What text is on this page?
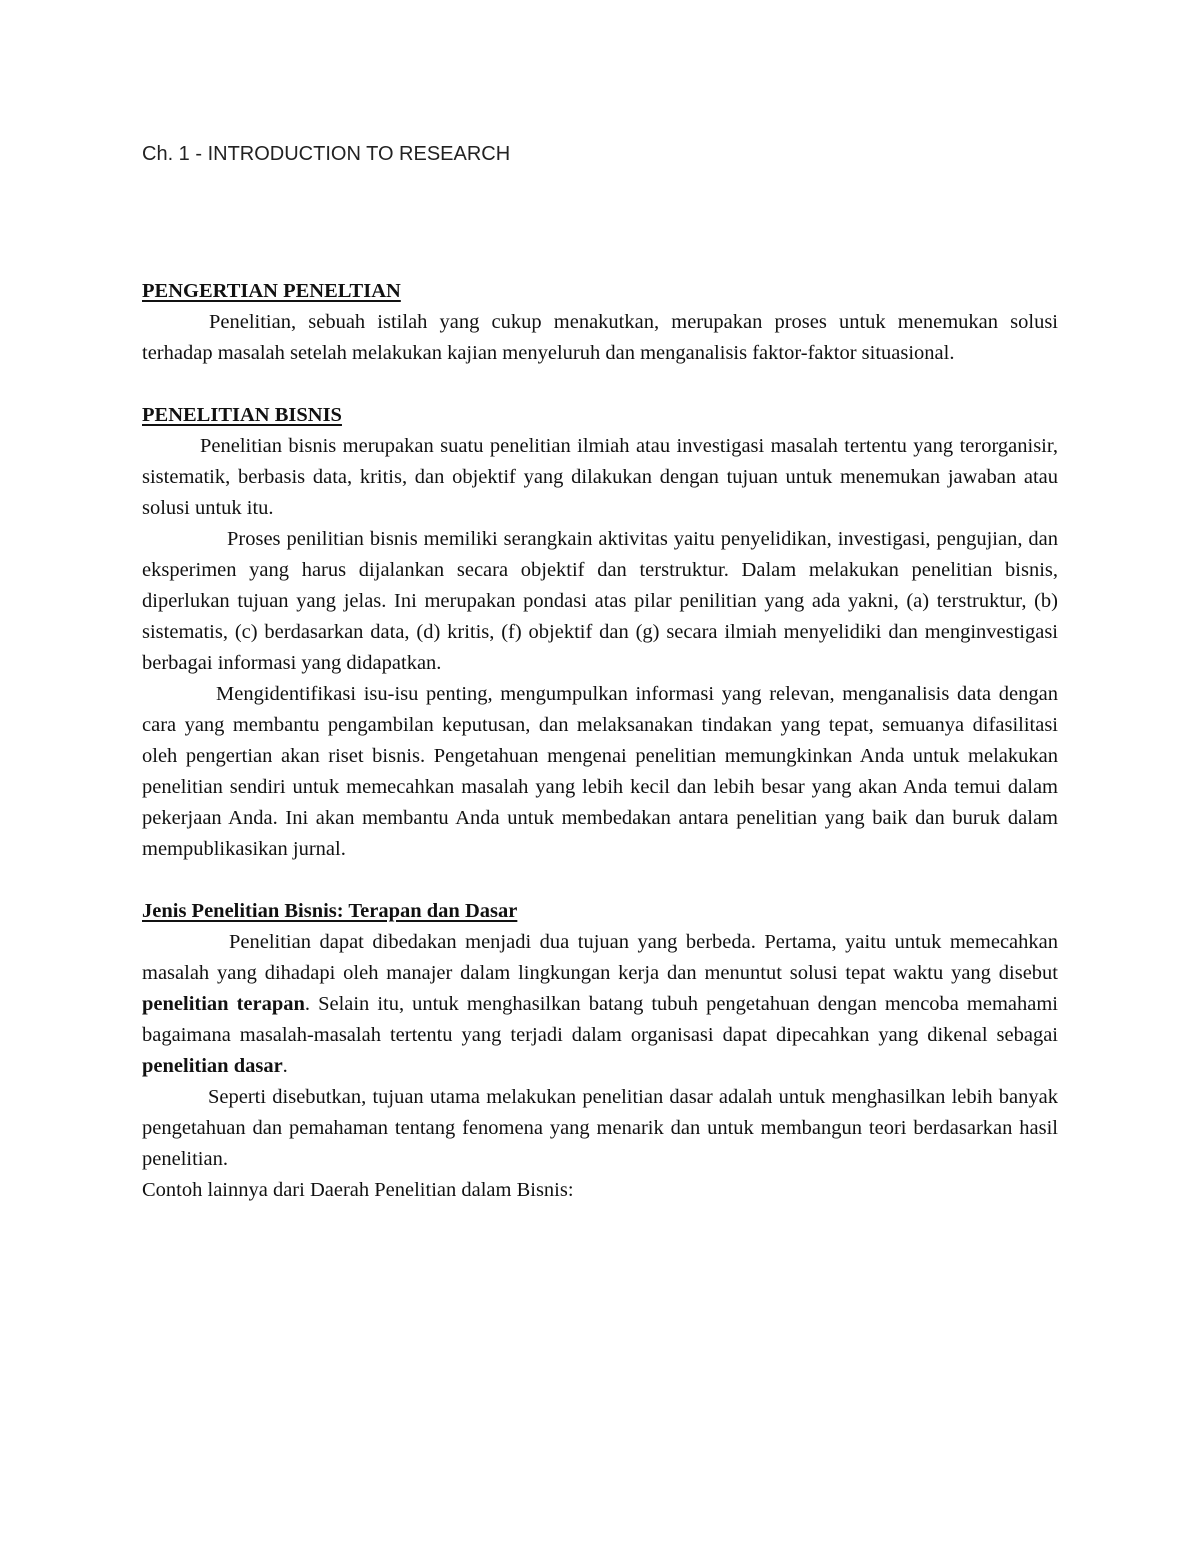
Ch. 1 - INTRODUCTION TO RESEARCH
PENGERTIAN PENELTIAN

Penelitian, sebuah istilah yang cukup menakutkan, merupakan proses untuk menemukan solusi terhadap masalah setelah melakukan kajian menyeluruh dan menganalisis faktor-faktor situasional.

PENELITIAN BISNIS

Penelitian bisnis merupakan suatu penelitian ilmiah atau investigasi masalah tertentu yang terorganisir, sistematik, berbasis data, kritis, dan objektif yang dilakukan dengan tujuan untuk menemukan jawaban atau solusi untuk itu.

Proses penilitian bisnis memiliki serangkain aktivitas yaitu penyelidikan, investigasi, pengujian, dan eksperimen yang harus dijalankan secara objektif dan terstruktur. Dalam melakukan penelitian bisnis, diperlukan tujuan yang jelas. Ini merupakan pondasi atas pilar penilitian yang ada yakni, (a) terstruktur, (b) sistematis, (c) berdasarkan data, (d) kritis, (f) objektif dan (g) secara ilmiah menyelidiki dan menginvestigasi berbagai informasi yang didapatkan.

Mengidentifikasi isu-isu penting, mengumpulkan informasi yang relevan, menganalisis data dengan cara yang membantu pengambilan keputusan, dan melaksanakan tindakan yang tepat, semuanya difasilitasi oleh pengertian akan riset bisnis. Pengetahuan mengenai penelitian memungkinkan Anda untuk melakukan penelitian sendiri untuk memecahkan masalah yang lebih kecil dan lebih besar yang akan Anda temui dalam pekerjaan Anda. Ini akan membantu Anda untuk membedakan antara penelitian yang baik dan buruk dalam mempublikasikan jurnal.

Jenis Penelitian Bisnis: Terapan dan Dasar

Penelitian dapat dibedakan menjadi dua tujuan yang berbeda. Pertama, yaitu untuk memecahkan masalah yang dihadapi oleh manajer dalam lingkungan kerja dan menuntut solusi tepat waktu yang disebut penelitian terapan. Selain itu, untuk menghasilkan batang tubuh pengetahuan dengan mencoba memahami bagaimana masalah-masalah tertentu yang terjadi dalam organisasi dapat dipecahkan yang dikenal sebagai penelitian dasar.

Seperti disebutkan, tujuan utama melakukan penelitian dasar adalah untuk menghasilkan lebih banyak pengetahuan dan pemahaman tentang fenomena yang menarik dan untuk membangun teori berdasarkan hasil penelitian.

Contoh lainnya dari Daerah Penelitian dalam Bisnis:
